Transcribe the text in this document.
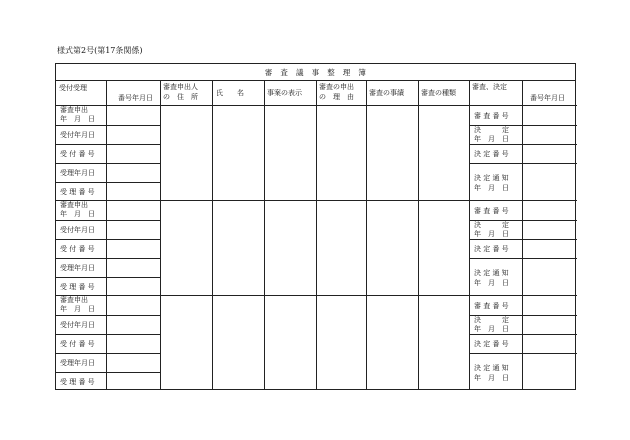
様式第2号(第17条関係)
審　査　議　事　整　理　簿
受付受理
番号年月日
審査申出人
の　住　所	氏　　名	事案の表示
審査の申出
の　理　由 審査の事績 審査の種類
審査、決定
番号年月日
審査申出
年　月　日
受付年月日
受 付 番 号
受理年月日
受 理 番 号
審 査 番 号
決　　　定
年　月　日
決 定 番 号
決 定 通 知
年　月　日
審査申出
年　月　日
受付年月日
受 付 番 号
受理年月日
受 理 番 号
審 査 番 号
決　　　定
年　月　日
決 定 番 号
決 定 通 知
年　月　日
審査申出
年　月　日
受付年月日
受 付 番 号
受理年月日
受 理 番 号
審 査 番 号
決　　　定
年　月　日
決 定 番 号
決 定 通 知
年　月　日
